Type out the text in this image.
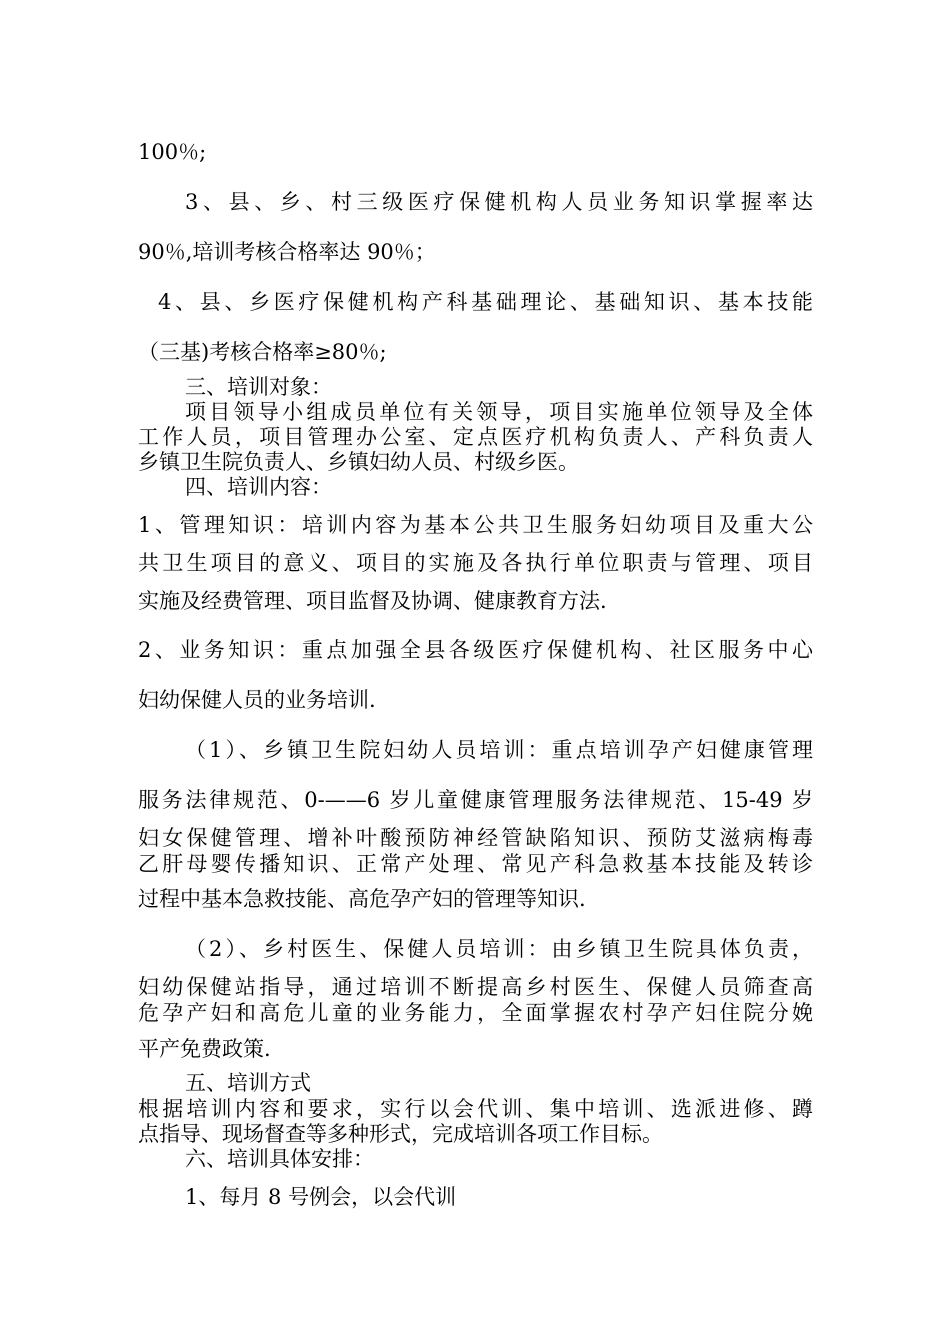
100％;
3、县、乡、村三级医疗保健机构人员业务知识掌握率达
90％,培训考核合格率达 90％；
4、县、乡医疗保健机构产科基础理论、基础知识、基本技能
（三基)考核合格率≥80％;
三、培训对象：
项目领导小组成员单位有关领导，项目实施单位领导及全体
工作人员，项目管理办公室、定点医疗机构负责人、产科负责人
乡镇卫生院负责人、乡镇妇幼人员、村级乡医。
四、培训内容：
1、管理知识：培训内容为基本公共卫生服务妇幼项目及重大公
共卫生项目的意义、项目的实施及各执行单位职责与管理、项目
实施及经费管理、项目监督及协调、健康教育方法.
2、业务知识：重点加强全县各级医疗保健机构、社区服务中心
妇幼保健人员的业务培训.
（1）、乡镇卫生院妇幼人员培训：重点培训孕产妇健康管理
服务法律规范、0-——6 岁儿童健康管理服务法律规范、15-49 岁
妇女保健管理、增补叶酸预防神经管缺陷知识、预防艾滋病梅毒
乙肝母婴传播知识、正常产处理、常见产科急救基本技能及转诊
过程中基本急救技能、高危孕产妇的管理等知识.
（2）、乡村医生、保健人员培训：由乡镇卫生院具体负责，
妇幼保健站指导，通过培训不断提高乡村医生、保健人员筛查高
危孕产妇和高危儿童的业务能力，全面掌握农村孕产妇住院分娩
平产免费政策.
五、培训方式
根据培训内容和要求，实行以会代训、集中培训、选派进修、蹲
点指导、现场督查等多种形式，完成培训各项工作目标。
六、培训具体安排：
1、每月 8 号例会，以会代训
